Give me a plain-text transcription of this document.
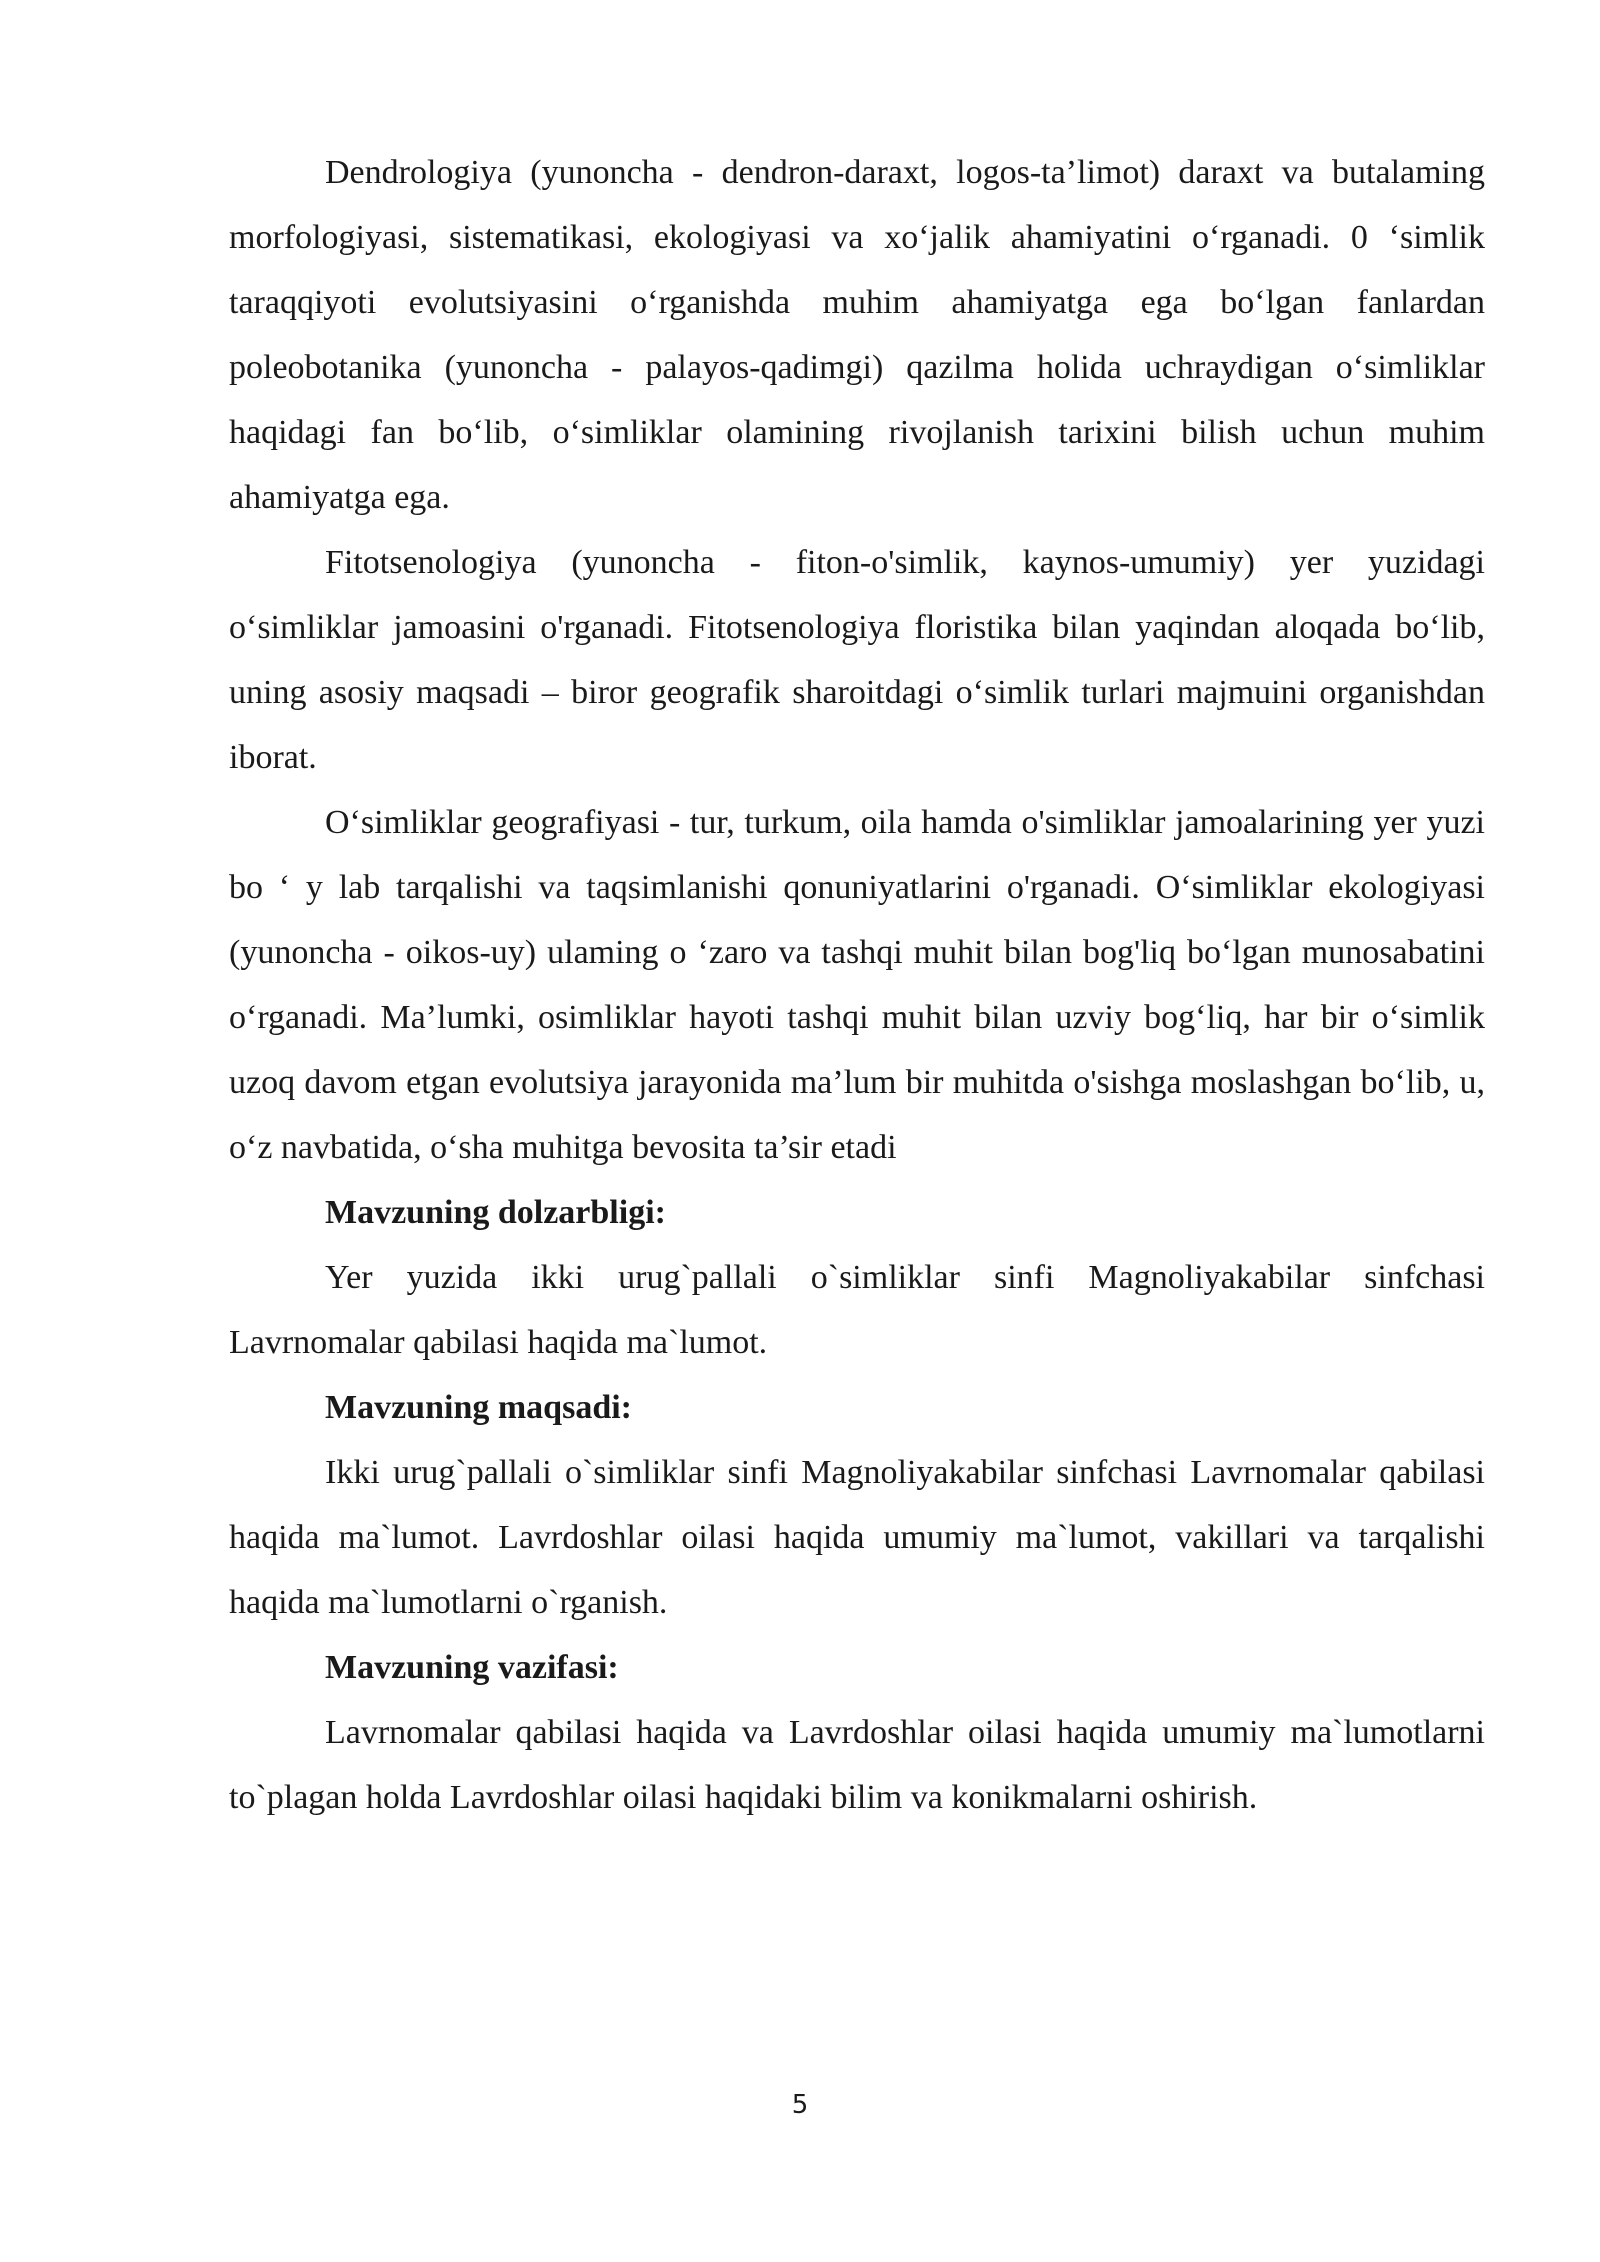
Dendrologiya (yunoncha - dendron-daraxt, logos-ta’limot) daraxt va butalaming morfologiyasi, sistematikasi, ekologiyasi va xo‘jalik ahamiyatini o‘rganadi. 0 ‘simlik taraqqiyoti evolutsiyasini o‘rganishda muhim ahamiyatga ega bo‘lgan fanlardan poleobotanika (yunoncha - palayos-qadimgi) qazilma holida uchraydigan o‘simliklar haqidagi fan bo‘lib, o‘simliklar olamining rivojlanish tarixini bilish uchun muhim ahamiyatga ega.

Fitotsenologiya (yunoncha - fiton-o'simlik, kaynos-umumiy) yer yuzidagi o‘simliklar jamoasini o'rganadi. Fitotsenologiya floristika bilan yaqindan aloqada bo‘lib, uning asosiy maqsadi – biror geografik sharoitdagi o‘simlik turlari majmuini organishdan iborat.

O‘simliklar geografiyasi - tur, turkum, oila hamda o'simliklar jamoalarining yer yuzi bo ‘ y lab tarqalishi va taqsimlanishi qonuniyatlarini o'rganadi. O‘simliklar ekologiyasi (yunoncha - oikos-uy) ulaming o ‘zaro va tashqi muhit bilan bog'liq bo‘lgan munosabatini o‘rganadi. Ma’lumki, osimliklar hayoti tashqi muhit bilan uzviy bog‘liq, har bir o‘simlik uzoq davom etgan evolutsiya jarayonida ma’lum bir muhitda o'sishga moslashgan bo‘lib, u, o‘z navbatida, o‘sha muhitga bevosita ta’sir etadi

Mavzuning dolzarbligi:

Yer yuzida ikki urug`pallali o`simliklar sinfi Magnoliyakabilar sinfchasi Lavrnomalar qabilasi haqida ma`lumot.

Mavzuning maqsadi:

Ikki urug`pallali o`simliklar sinfi Magnoliyakabilar sinfchasi Lavrnomalar qabilasi haqida ma`lumot. Lavrdoshlar oilasi haqida umumiy ma`lumot, vakillari va tarqalishi haqida ma`lumotlarni o`rganish.

Mavzuning vazifasi:

Lavrnomalar qabilasi haqida va Lavrdoshlar oilasi haqida umumiy ma`lumotlarni to`plagan holda Lavrdoshlar oilasi haqidaki bilim va konikmalarni oshirish.

5
